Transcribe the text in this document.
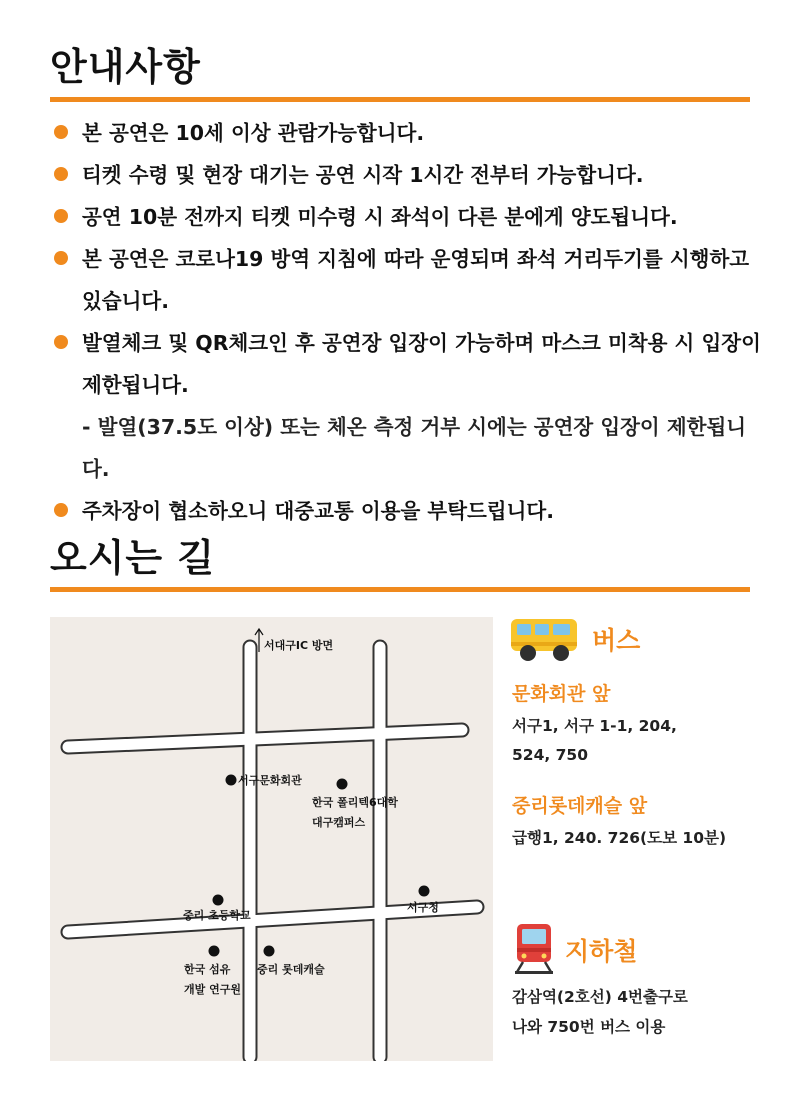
안내사항
본 공연은 10세 이상 관람가능합니다.
티켓 수령 및 현장 대기는 공연 시작 1시간 전부터 가능합니다.
공연 10분 전까지 티켓 미수령 시 좌석이 다른 분에게 양도됩니다.
본 공연은 코로나19 방역 지침에 따라 운영되며 좌석 거리두기를 시행하고 있습니다.
발열체크 및 QR체크인 후 공연장 입장이 가능하며 마스크 미착용 시 입장이 제한됩니다.
- 발열(37.5도 이상) 또는 체온 측정 거부 시에는 공연장 입장이 제한됩니다.
주차장이 협소하오니 대중교통 이용을 부탁드립니다.
오시는 길
서대구IC 방면
서구문화회관
한국 폴리텍6대학
대구캠퍼스
서구청
중리 초등학교
한국 섬유
개발 연구원
중리 롯데캐슬
버스
문화회관 앞
서구1, 서구 1-1, 204,
524, 750
중리롯데캐슬 앞
급행1, 240. 726(도보 10분)
지하철
감삼역(2호선) 4번출구로
나와 750번 버스 이용
